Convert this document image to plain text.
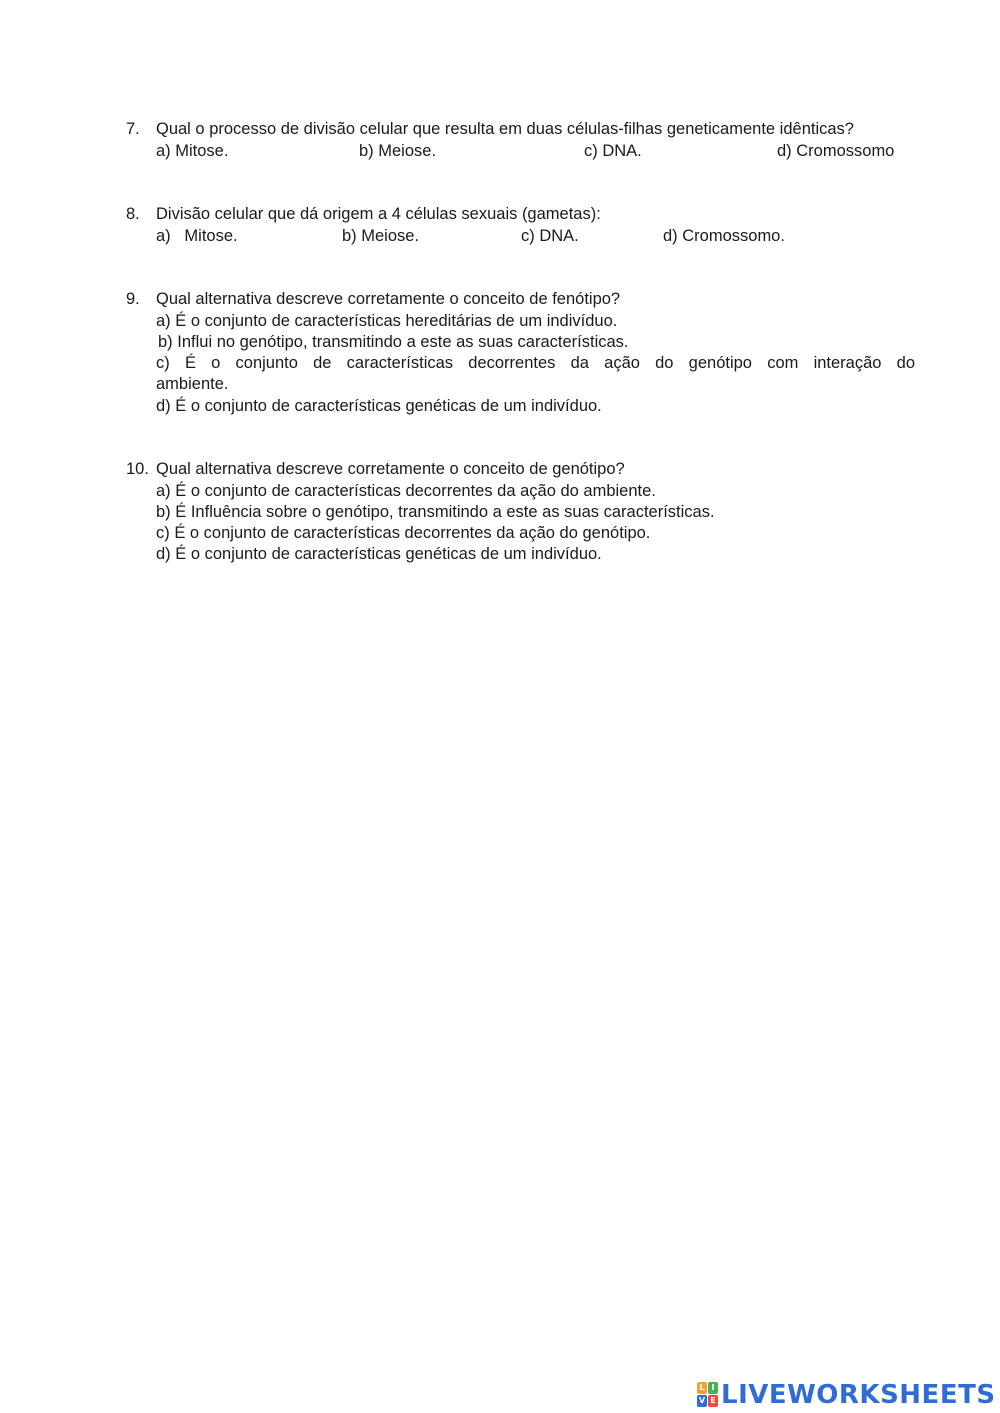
7. Qual o processo de divisão celular que resulta em duas células-filhas geneticamente idênticas?
a) Mitose.	b) Meiose.	c) DNA.	d) Cromossomo
8. Divisão celular que dá origem a 4 células sexuais (gametas):
a)   Mitose.	b) Meiose.	c) DNA.	d) Cromossomo.
9. Qual alternativa descreve corretamente o conceito de fenótipo?
a) É o conjunto de características hereditárias de um indivíduo.
b) Influi no genótipo, transmitindo a este as suas características.
c) É o conjunto de características decorrentes da ação do genótipo com interação do
ambiente.
d) É o conjunto de características genéticas de um indivíduo.
10. Qual alternativa descreve corretamente o conceito de genótipo?
a) É o conjunto de características decorrentes da ação do ambiente.
b) É Influência sobre o genótipo, transmitindo a este as suas características.
c) É o conjunto de características decorrentes da ação do genótipo.
d) É o conjunto de características genéticas de um indivíduo.
L I
V E LIVEWORKSHEETS
